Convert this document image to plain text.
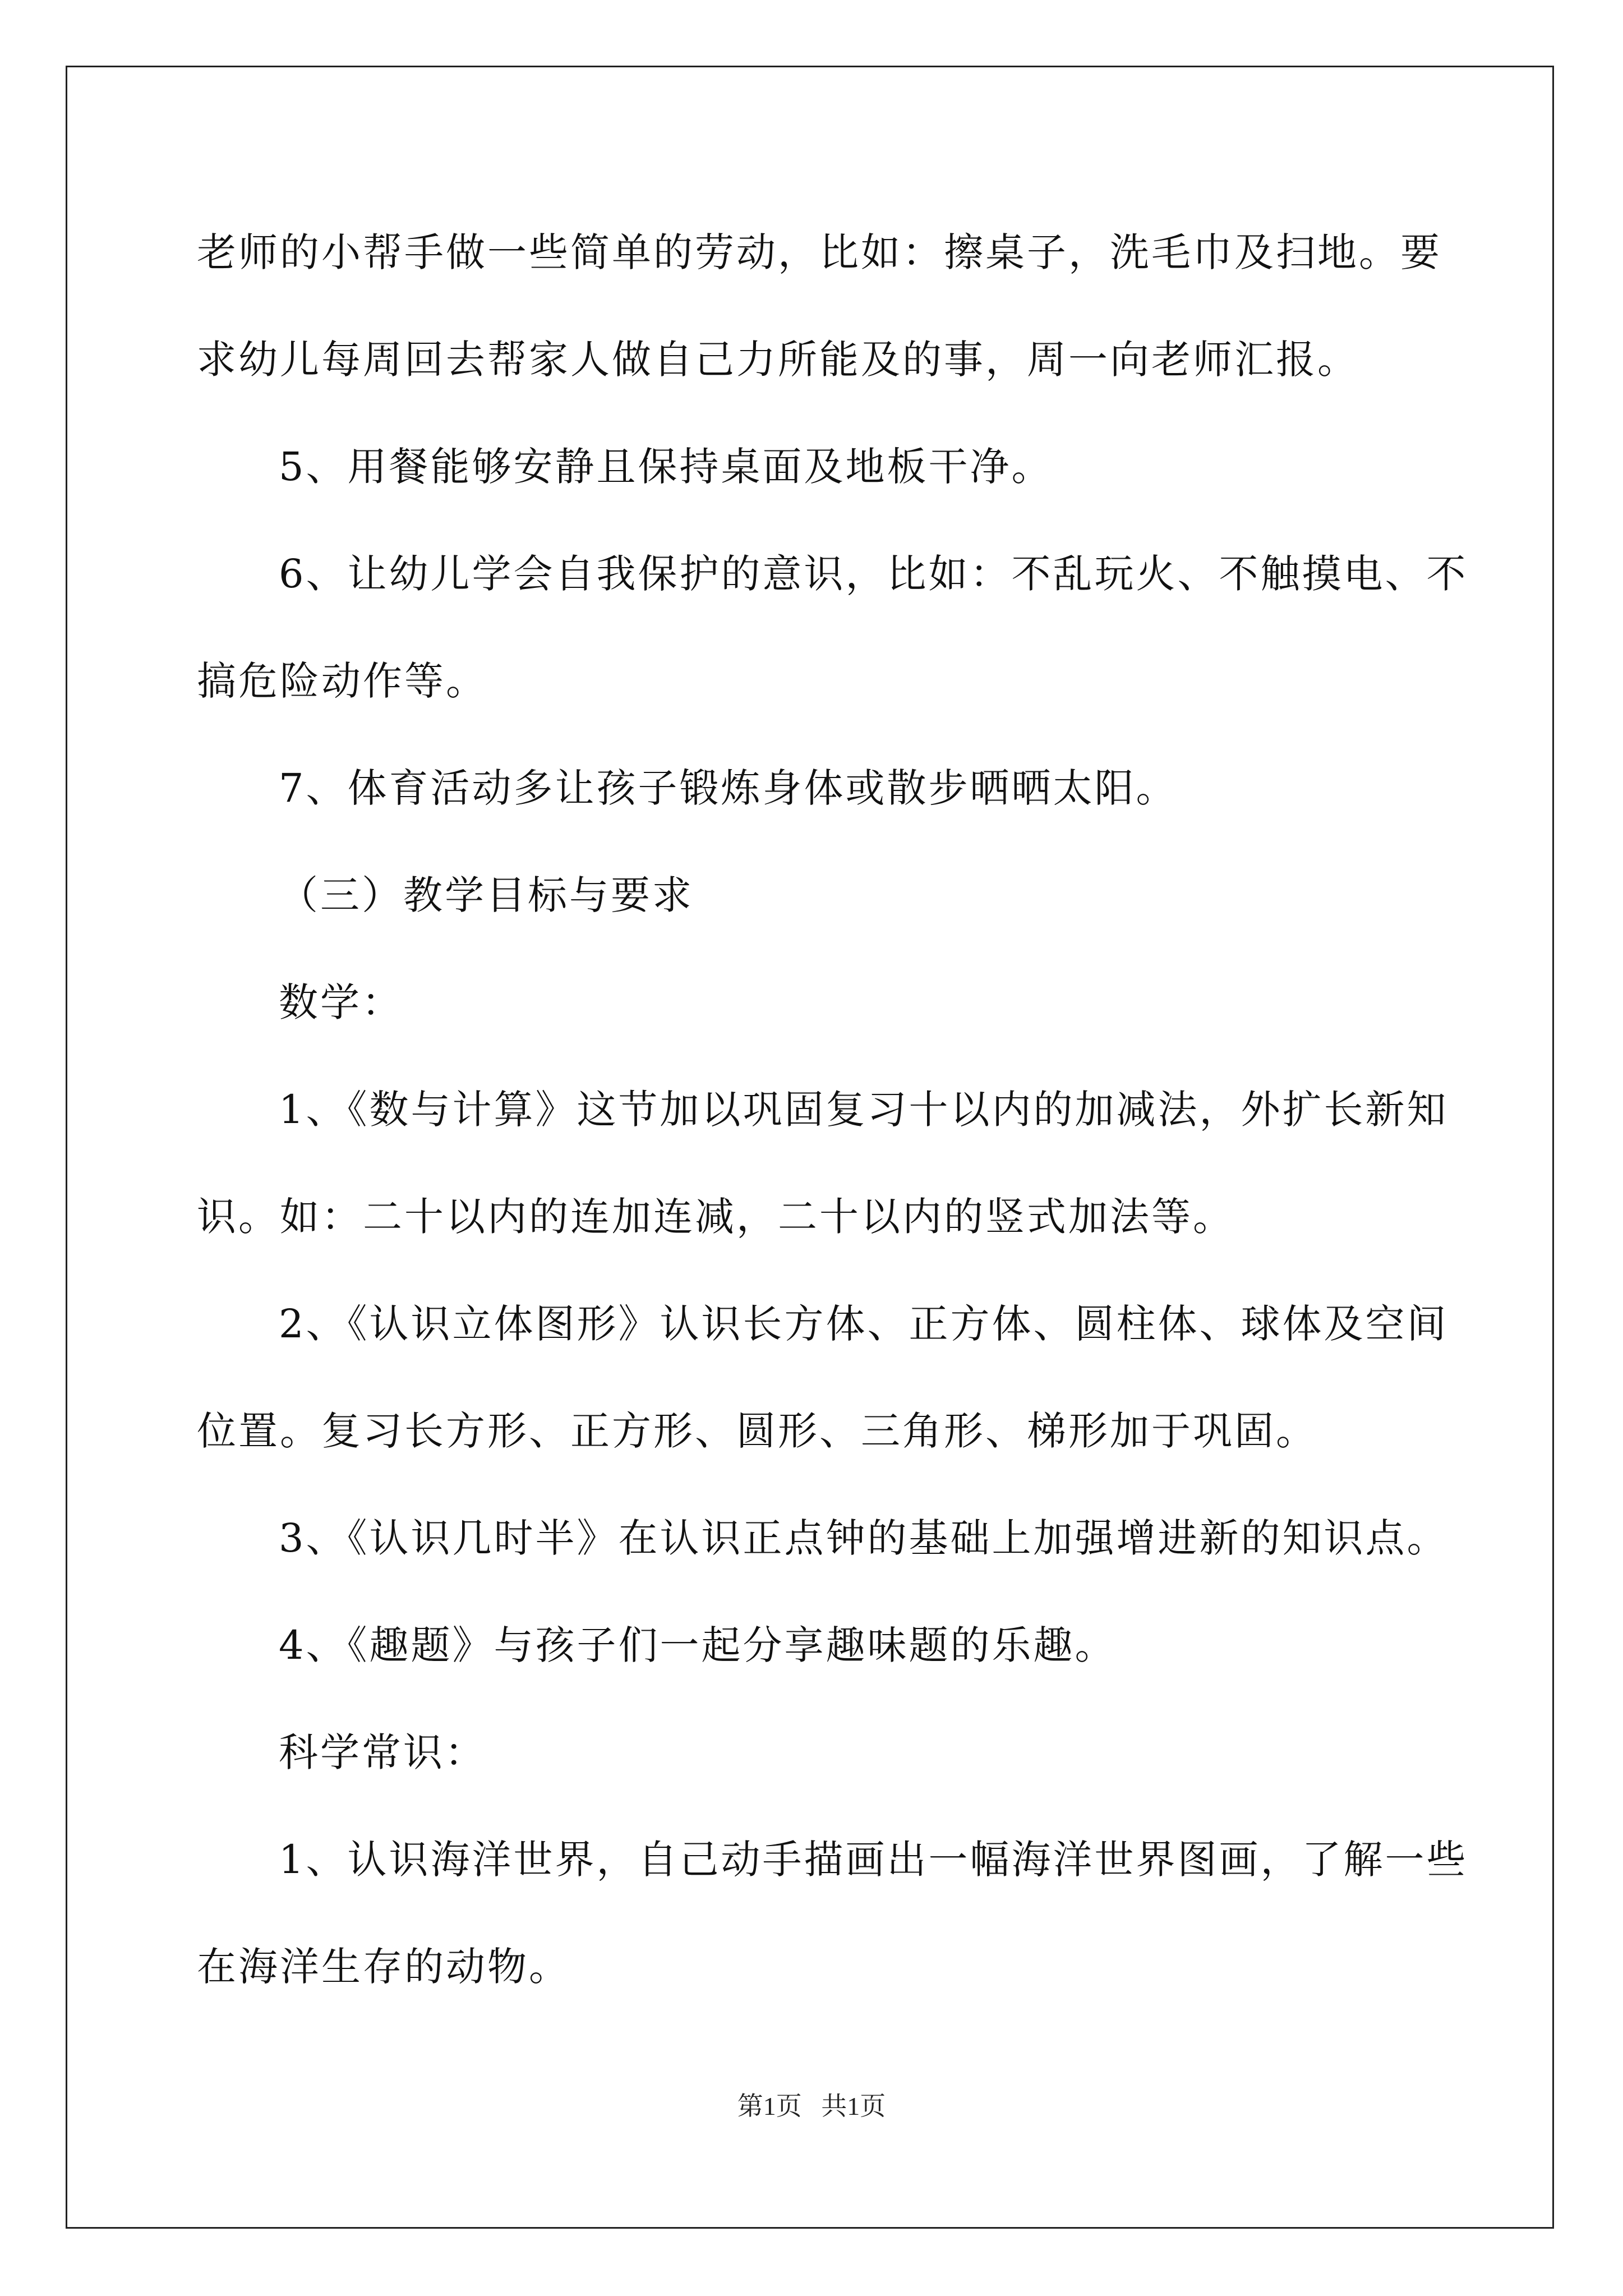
老师的小帮手做一些简单的劳动，比如：擦桌子，洗毛巾及扫地。要

求幼儿每周回去帮家人做自己力所能及的事，周一向老师汇报。

5、用餐能够安静且保持桌面及地板干净。

6、让幼儿学会自我保护的意识，比如：不乱玩火、不触摸电、不

搞危险动作等。

7、体育活动多让孩子锻炼身体或散步晒晒太阳。

（三）教学目标与要求

数学：

1、《数与计算》这节加以巩固复习十以内的加减法，外扩长新知

识。如：二十以内的连加连减，二十以内的竖式加法等。

2、《认识立体图形》认识长方体、正方体、圆柱体、球体及空间

位置。复习长方形、正方形、圆形、三角形、梯形加于巩固。

3、《认识几时半》在认识正点钟的基础上加强增进新的知识点。

4、《趣题》与孩子们一起分享趣味题的乐趣。

科学常识：

1、认识海洋世界，自己动手描画出一幅海洋世界图画，了解一些

在海洋生存的动物。

第1页   共1页
